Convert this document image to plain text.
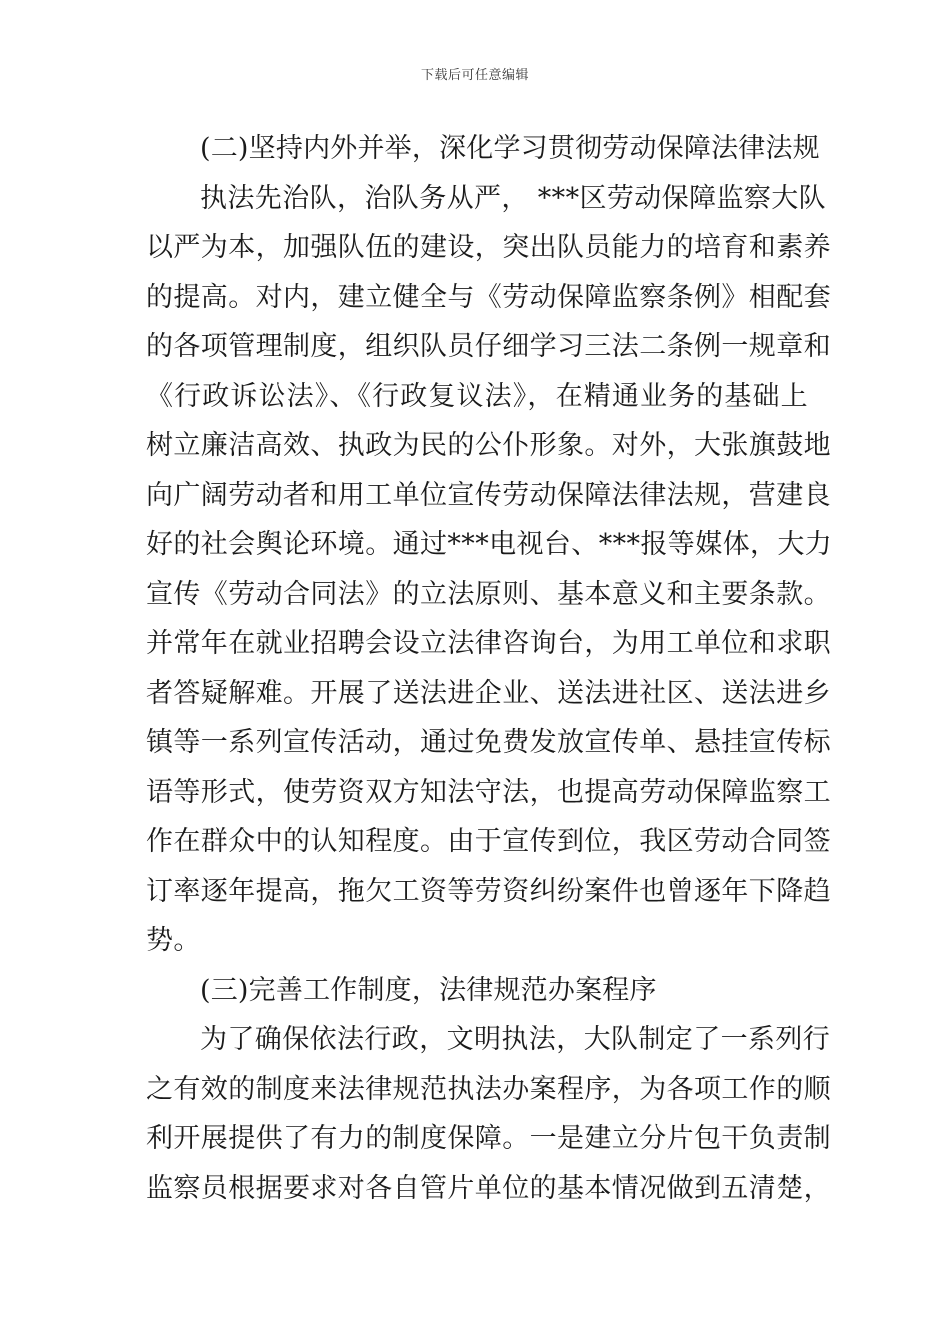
下载后可任意编辑
(二)坚持内外并举，深化学习贯彻劳动保障法律法规
执法先治队，治队务从严， ***区劳动保障监察大队
以严为本，加强队伍的建设，突出队员能力的培育和素养
的提高。对内，建立健全与《劳动保障监察条例》相配套
的各项管理制度，组织队员仔细学习三法二条例一规章和
《行政诉讼法》、《行政复议法》，在精通业务的基础上
树立廉洁高效、执政为民的公仆形象。对外，大张旗鼓地
向广阔劳动者和用工单位宣传劳动保障法律法规，营建良
好的社会舆论环境。通过***电视台、***报等媒体，大力
宣传《劳动合同法》的立法原则、基本意义和主要条款。
并常年在就业招聘会设立法律咨询台，为用工单位和求职
者答疑解难。开展了送法进企业、送法进社区、送法进乡
镇等一系列宣传活动，通过免费发放宣传单、悬挂宣传标
语等形式，使劳资双方知法守法，也提高劳动保障监察工
作在群众中的认知程度。由于宣传到位，我区劳动合同签
订率逐年提高，拖欠工资等劳资纠纷案件也曾逐年下降趋
势。
(三)完善工作制度，法律规范办案程序
为了确保依法行政，文明执法，大队制定了一系列行
之有效的制度来法律规范执法办案程序，为各项工作的顺
利开展提供了有力的制度保障。一是建立分片包干负责制
监察员根据要求对各自管片单位的基本情况做到五清楚，
